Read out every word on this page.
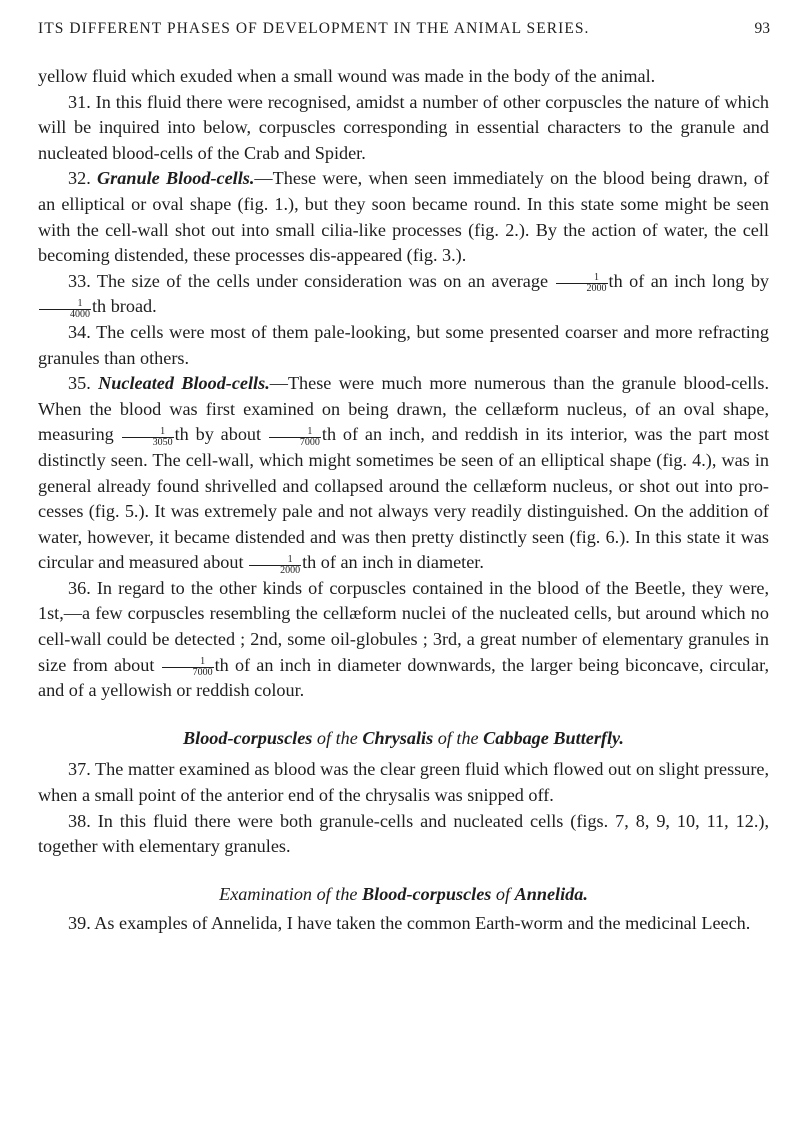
ITS DIFFERENT PHASES OF DEVELOPMENT IN THE ANIMAL SERIES.	93

yellow fluid which exuded when a small wound was made in the body of the animal.

31. In this fluid there were recognised, amidst a number of other corpuscles the nature of which will be inquired into below, corpuscles corresponding in essential characters to the granule and nucleated blood-cells of the Crab and Spider.

32. Granule Blood-cells.—These were, when seen immediately on the blood being drawn, of an elliptical or oval shape (fig. 1.), but they soon became round. In this state some might be seen with the cell-wall shot out into small cilia-like processes (fig. 2.). By the action of water, the cell becoming distended, these processes dis-appeared (fig. 3.).

33. The size of the cells under consideration was on an average $\frac{1}{2000}$ th of an inch long by
$\frac{1}{4000}$ th broad.

34. The cells were most of them pale-looking, but some presented coarser and more refracting granules than others.

35. Nucleated Blood-cells.—These were much more numerous than the granule blood-cells. When the blood was first examined on being drawn, the cellæform nucleus, of an oval shape, measuring $\frac{1}{3050}$ th by about $\frac{1}{7000}$ th of an inch, and reddish in its interior, was the part most distinctly seen. The cell-wall, which might sometimes be seen of an elliptical shape (fig. 4.), was in general already found shrivelled and collapsed around the cellæform nucleus, or shot out into pro-cesses (fig. 5.). It was extremely pale and not always very readily distinguished. On the addition of water, however, it became distended and was then pretty distinctly seen (fig. 6.). In this state it was circular and measured about $\frac{1}{2000}$ th of an inch in diameter.

36. In regard to the other kinds of corpuscles contained in the blood of the Beetle, they were, 1st,—a few corpuscles resembling the cellæform nuclei of the nucleated cells, but around which no cell-wall could be detected ; 2nd, some oil-globules ; 3rd, a great number of elementary granules in size from about $\frac{1}{7000}$ th of an inch in diameter downwards, the larger being biconcave, circular, and of a yellowish or reddish colour.

Blood-corpuscles of the Chrysalis of the Cabbage Butterfly.

37. The matter examined as blood was the clear green fluid which flowed out on slight pressure, when a small point of the anterior end of the chrysalis was snipped off.

38. In this fluid there were both granule-cells and nucleated cells (figs. 7, 8, 9, 10, 11, 12.), together with elementary granules.

Examination of the Blood-corpuscles of Annelida.

39. As examples of Annelida, I have taken the common Earth-worm and the medicinal Leech.
